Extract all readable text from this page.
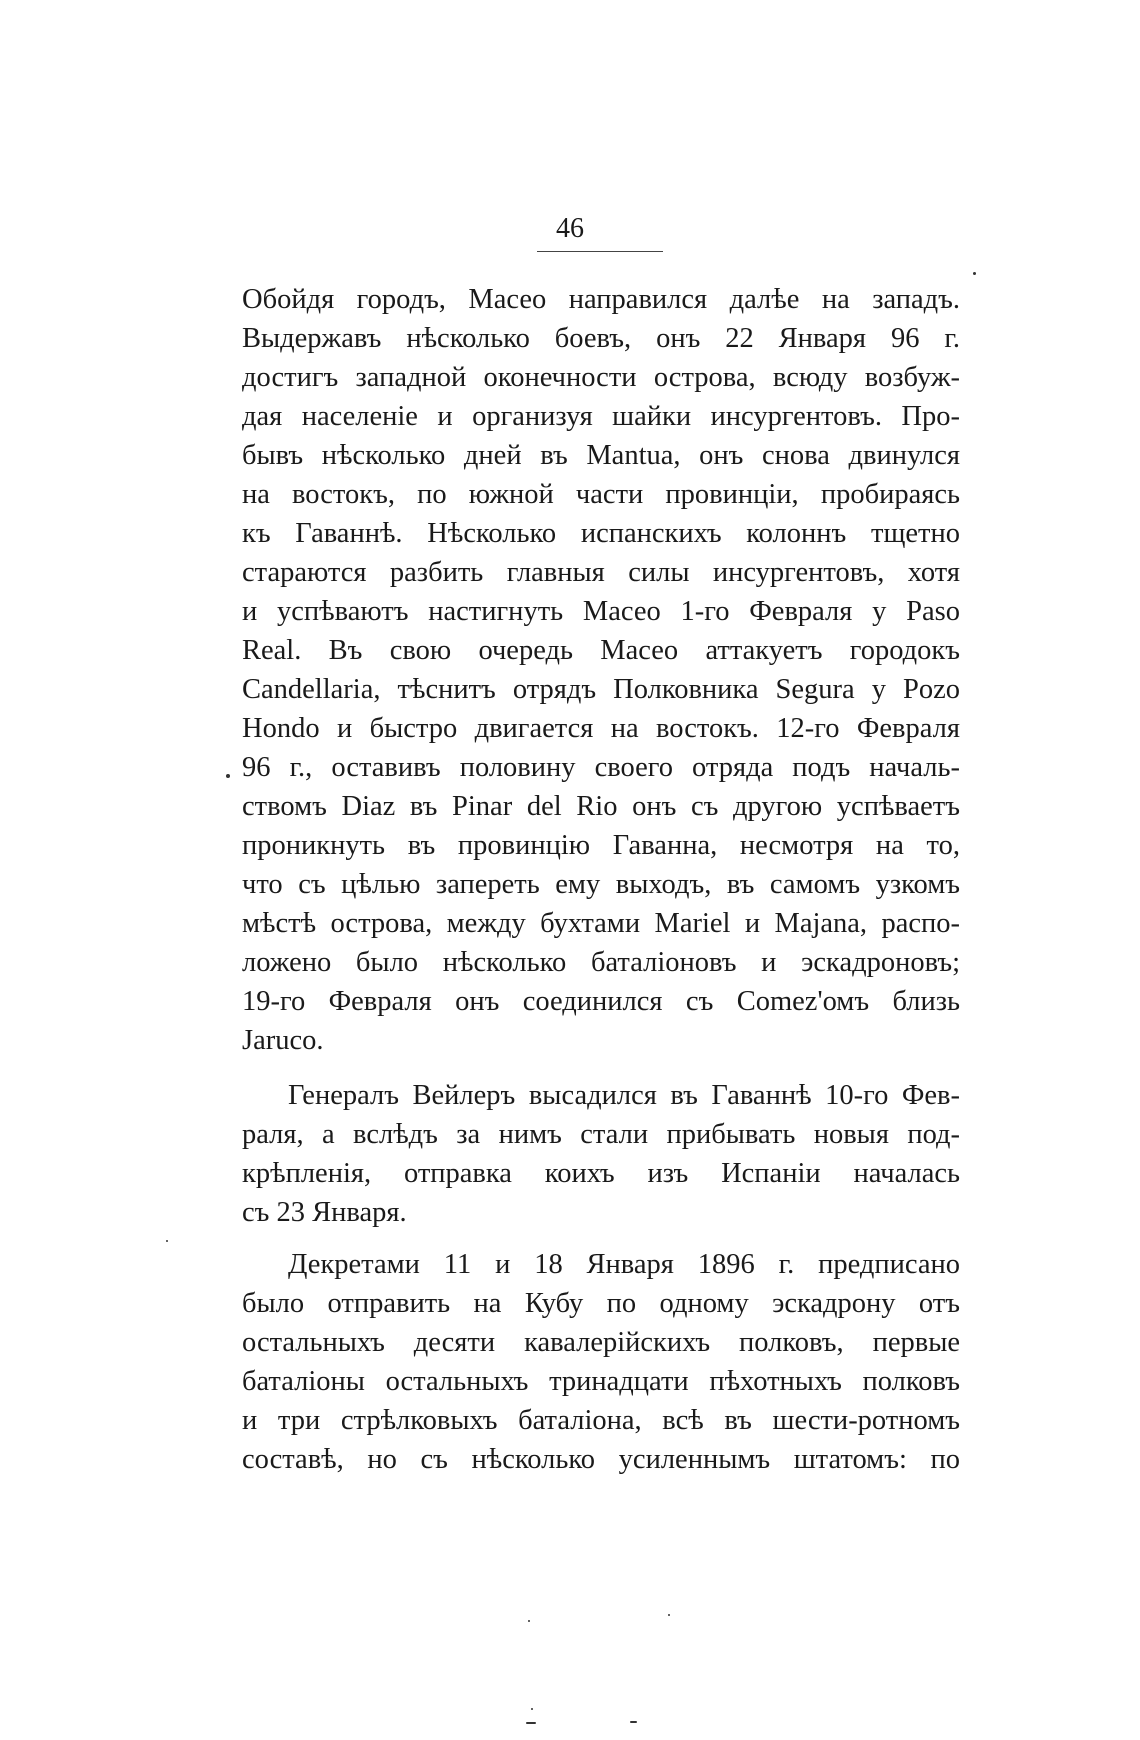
46
Обойдя городъ, Масео направился далѣе на западъ.
Выдержавъ нѣсколько боевъ, онъ 22 Января 96 г.
достигъ западной оконечности острова, всюду возбуж-
дая населеніе и организуя шайки инсургентовъ. Про-
бывъ нѣсколько дней въ Mantua, онъ снова двинулся
на востокъ, по южной части провинціи, пробираясь
къ Гаваннѣ. Нѣсколько испанскихъ колоннъ тщетно
стараются разбить главныя силы инсургентовъ, хотя
и успѣваютъ настигнуть Масео 1-го Февраля у Paso
Real. Въ свою очередь Масео аттакуетъ городокъ
Candellaria, тѣснитъ отрядъ Полковника Segura у Pozo
Hondo и быстро двигается на востокъ. 12-го Февраля
96 г., оставивъ половину своего отряда подъ началь-
ствомъ Diaz въ Pinar del Rio онъ съ другою успѣваетъ
проникнуть въ провинцію Гаванна, несмотря на то,
что съ цѣлью запереть ему выходъ, въ самомъ узкомъ
мѣстѣ острова, между бухтами Mariel и Majana, распо-
ложено было нѣсколько баталіоновъ и эскадроновъ;
19-го Февраля онъ соединился съ Comez'омъ близь
Jaruco.
Генералъ Вейлеръ высадился въ Гаваннѣ 10-го Фев-
раля, а вслѣдъ за нимъ стали прибывать новыя под-
крѣпленія, отправка коихъ изъ Испаніи началась
съ 23 Января.
Декретами 11 и 18 Января 1896 г. предписано
было отправить на Кубу по одному эскадрону отъ
остальныхъ десяти кавалерійскихъ полковъ, первые
баталіоны остальныхъ тринадцати пѣхотныхъ полковъ
и три стрѣлковыхъ баталіона, всѣ въ шести-ротномъ
составѣ, но съ нѣсколько усиленнымъ штатомъ: по
